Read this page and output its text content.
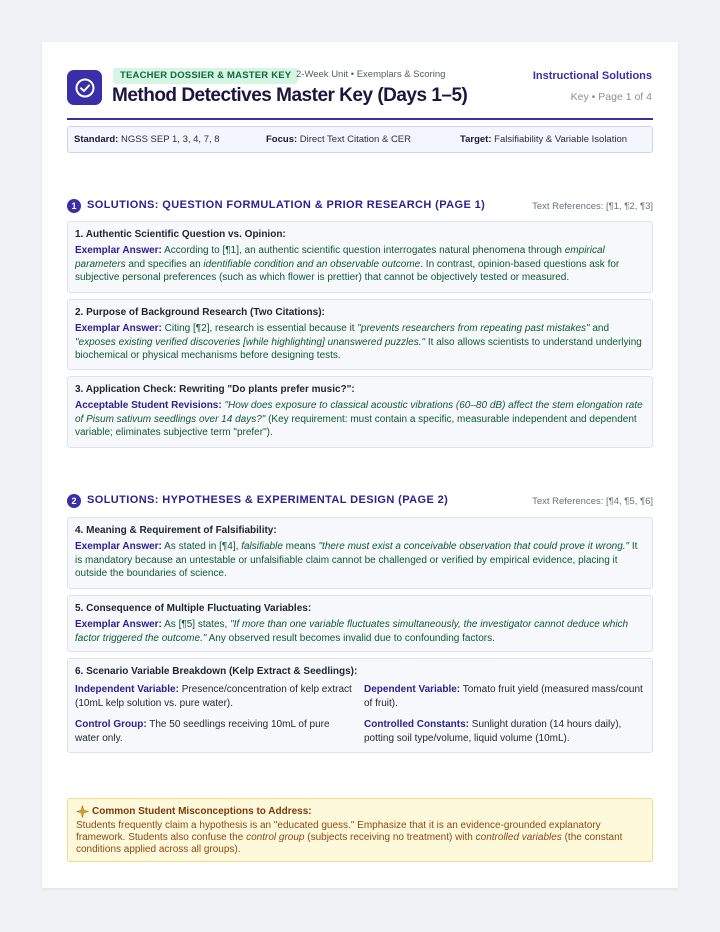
TEACHER DOSSIER & MASTER KEY 2-Week Unit • Exemplars & Scoring
Method Detectives Master Key (Days 1–5)
Instructional Solutions
Key • Page 1 of 4
Standard: NGSS SEP 1, 3, 4, 7, 8	Focus: Direct Text Citation & CER	Target: Falsifiability & Variable Isolation
1 SOLUTIONS: QUESTION FORMULATION & PRIOR RESEARCH (PAGE 1)	Text References: [¶1, ¶2, ¶3]
1. Authentic Scientific Question vs. Opinion:

Exemplar Answer: According to [¶1], an authentic scientific question interrogates natural phenomena through empirical parameters and specifies an identifiable condition and an observable outcome. In contrast, opinion-based questions ask for subjective personal preferences (such as which flower is prettier) that cannot be objectively tested or measured.

2. Purpose of Background Research (Two Citations):

Exemplar Answer: Citing [¶2], research is essential because it "prevents researchers from repeating past mistakes" and "exposes existing verified discoveries [while highlighting] unanswered puzzles." It also allows scientists to understand underlying biochemical or physical mechanisms before designing tests.

3. Application Check: Rewriting "Do plants prefer music?":

Acceptable Student Revisions: "How does exposure to classical acoustic vibrations (60–80 dB) affect the stem elongation rate of Pisum sativum seedlings over 14 days?" (Key requirement: must contain a specific, measurable independent and dependent variable; eliminates subjective term "prefer").

2 SOLUTIONS: HYPOTHESES & EXPERIMENTAL DESIGN (PAGE 2)	Text References: [¶4, ¶5, ¶6]
4. Meaning & Requirement of Falsifiability:

Exemplar Answer: As stated in [¶4], falsifiable means "there must exist a conceivable observation that could prove it wrong." It is mandatory because an untestable or unfalsifiable claim cannot be challenged or verified by empirical evidence, placing it outside the boundaries of science.

5. Consequence of Multiple Fluctuating Variables:

Exemplar Answer: As [¶5] states, "If more than one variable fluctuates simultaneously, the investigator cannot deduce which factor triggered the outcome." Any observed result becomes invalid due to confounding factors.

6. Scenario Variable Breakdown (Kelp Extract & Seedlings):
Independent Variable: Presence/concentration of kelp extract (10mL kelp solution vs. pure water).
Dependent Variable: Tomato fruit yield (measured mass/count of fruit).
Control Group: The 50 seedlings receiving 10mL of pure water only.
Controlled Constants: Sunlight duration (14 hours daily), potting soil type/volume, liquid volume (10mL).
Common Student Misconceptions to Address:

Students frequently claim a hypothesis is an "educated guess." Emphasize that it is an evidence-grounded explanatory framework. Students also confuse the control group (subjects receiving no treatment) with controlled variables (the constant conditions applied across all groups).
